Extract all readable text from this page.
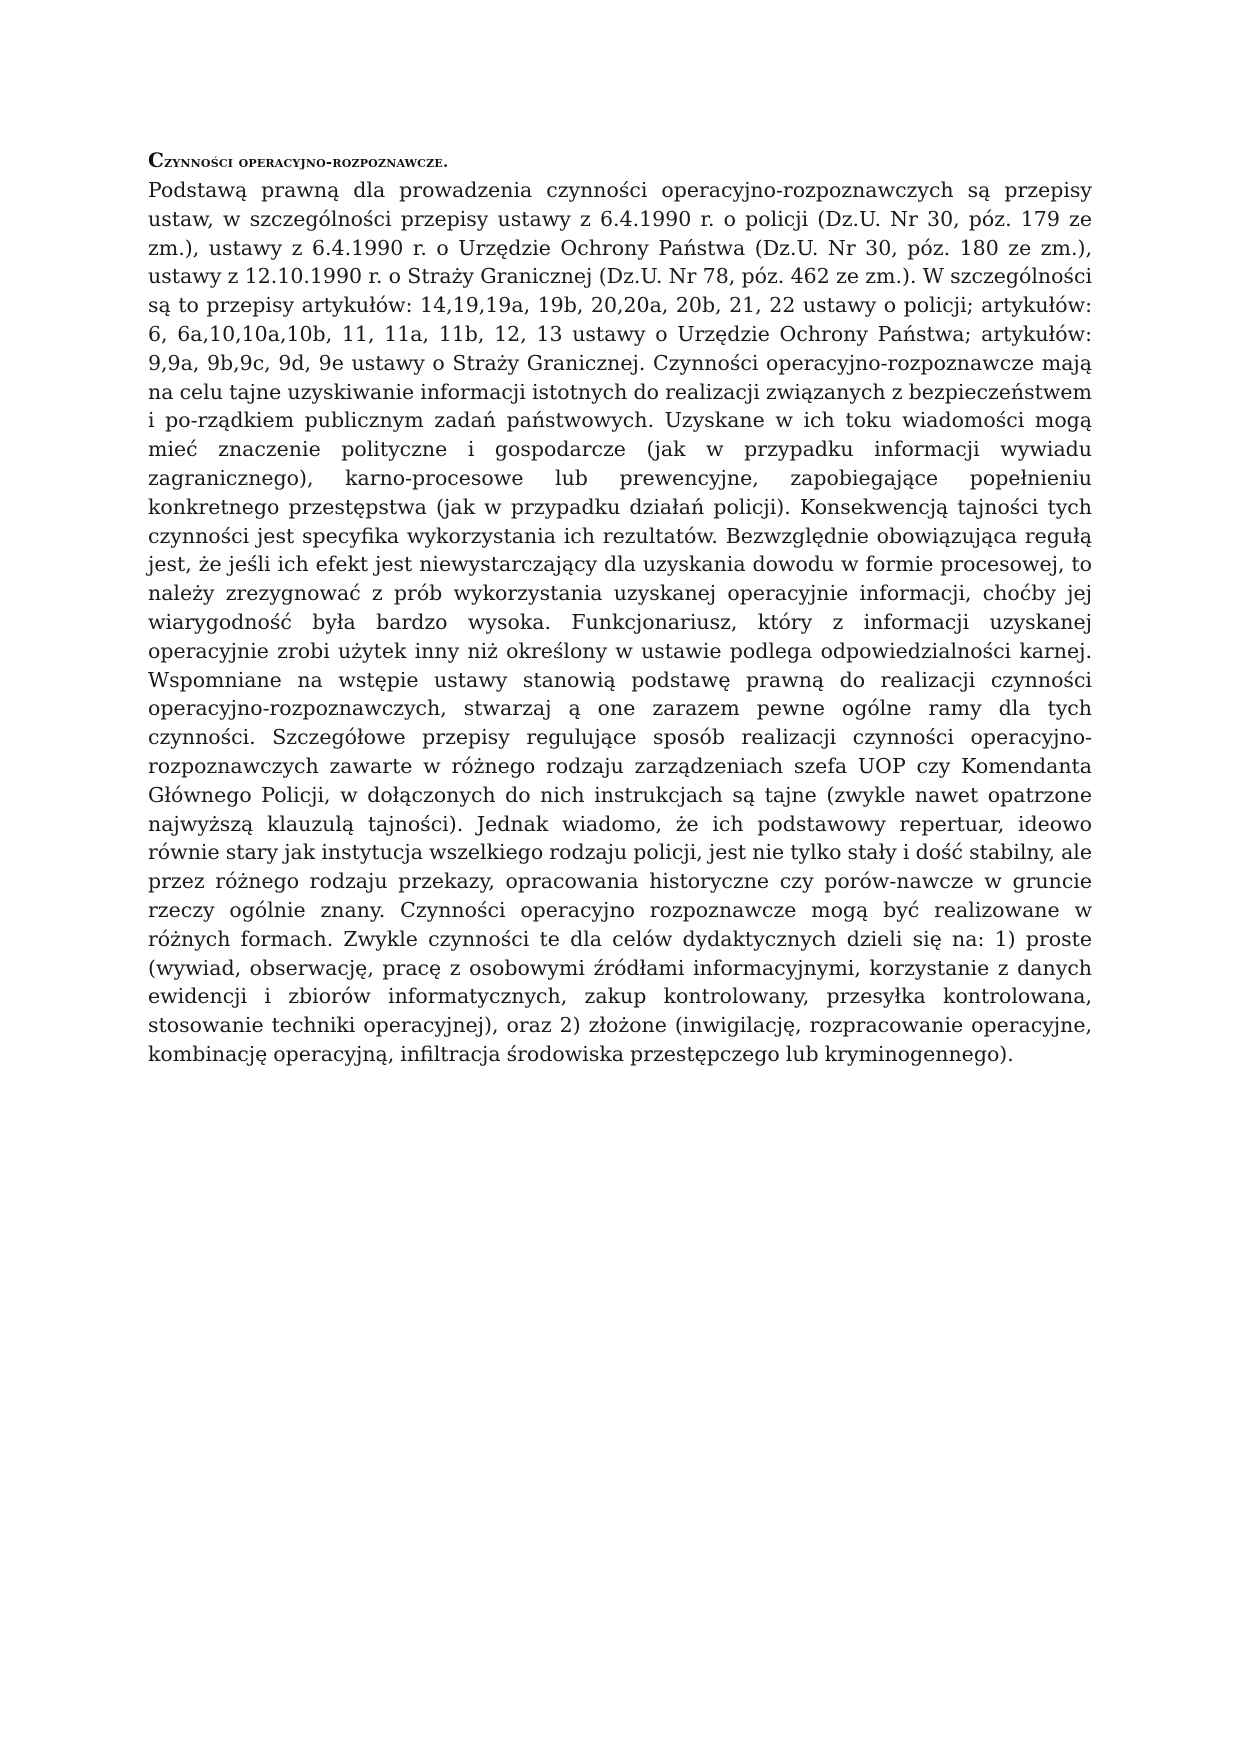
Czynności operacyjno-rozpoznawcze.

Podstawą prawną dla prowadzenia czynności operacyjno-rozpoznawczych są przepisy ustaw, w szczególności przepisy ustawy z 6.4.1990 r. o policji (Dz.U. Nr 30, póz. 179 ze zm.), ustawy z 6.4.1990 r. o Urzędzie Ochrony Państwa (Dz.U. Nr 30, póz. 180 ze zm.), ustawy z 12.10.1990 r. o Straży Granicznej (Dz.U. Nr 78, póz. 462 ze zm.). W szczególności są to przepisy artykułów: 14,19,19a, 19b, 20,20a, 20b, 21, 22 ustawy o policji; artykułów: 6, 6a,10,10a,10b, 11, 11a, 11b, 12, 13 ustawy o Urzędzie Ochrony Państwa; artykułów: 9,9a, 9b,9c, 9d, 9e ustawy o Straży Granicznej. Czynności operacyjno-rozpoznawcze mają na celu tajne uzyskiwanie informacji istotnych do realizacji związanych z bezpieczeństwem i po-rządkiem publicznym zadań państwowych. Uzyskane w ich toku wiadomości mogą mieć znaczenie polityczne i gospodarcze (jak w przypadku informacji wywiadu zagranicznego), karno-procesowe lub prewencyjne, zapobiegające popełnieniu konkretnego przestępstwa (jak w przypadku działań policji). Konsekwencją tajności tych czynności jest specyfika wykorzystania ich rezultatów. Bezwzględnie obowiązująca regułą jest, że jeśli ich efekt jest niewystarczający dla uzyskania dowodu w formie procesowej, to należy zrezygnować z prób wykorzystania uzyskanej operacyjnie informacji, choćby jej wiarygodność była bardzo wysoka. Funkcjonariusz, który z informacji uzyskanej operacyjnie zrobi użytek inny niż określony w ustawie podlega odpowiedzialności karnej. Wspomniane na wstępie ustawy stanowią podstawę prawną do realizacji czynności operacyjno-rozpoznawczych, stwarzaj ą one zarazem pewne ogólne ramy dla tych czynności. Szczegółowe przepisy regulujące sposób realizacji czynności operacyjno-rozpoznawczych zawarte w różnego rodzaju zarządzeniach szefa UOP czy Komendanta Głównego Policji, w dołączonych do nich instrukcjach są tajne (zwykle nawet opatrzone najwyższą klauzulą tajności). Jednak wiadomo, że ich podstawowy repertuar, ideowo równie stary jak instytucja wszelkiego rodzaju policji, jest nie tylko stały i dość stabilny, ale przez różnego rodzaju przekazy, opracowania historyczne czy porów-nawcze w gruncie rzeczy ogólnie znany. Czynności operacyjno rozpoznawcze mogą być realizowane w różnych formach. Zwykle czynności te dla celów dydaktycznych dzieli się na: 1) proste (wywiad, obserwację, pracę z osobowymi źródłami informacyjnymi, korzystanie z danych ewidencji i zbiorów informatycznych, zakup kontrolowany, przesyłka kontrolowana, stosowanie techniki operacyjnej), oraz 2) złożone (inwigilację, rozpracowanie operacyjne, kombinację operacyjną, infiltracja środowiska przestępczego lub kryminogennego).
